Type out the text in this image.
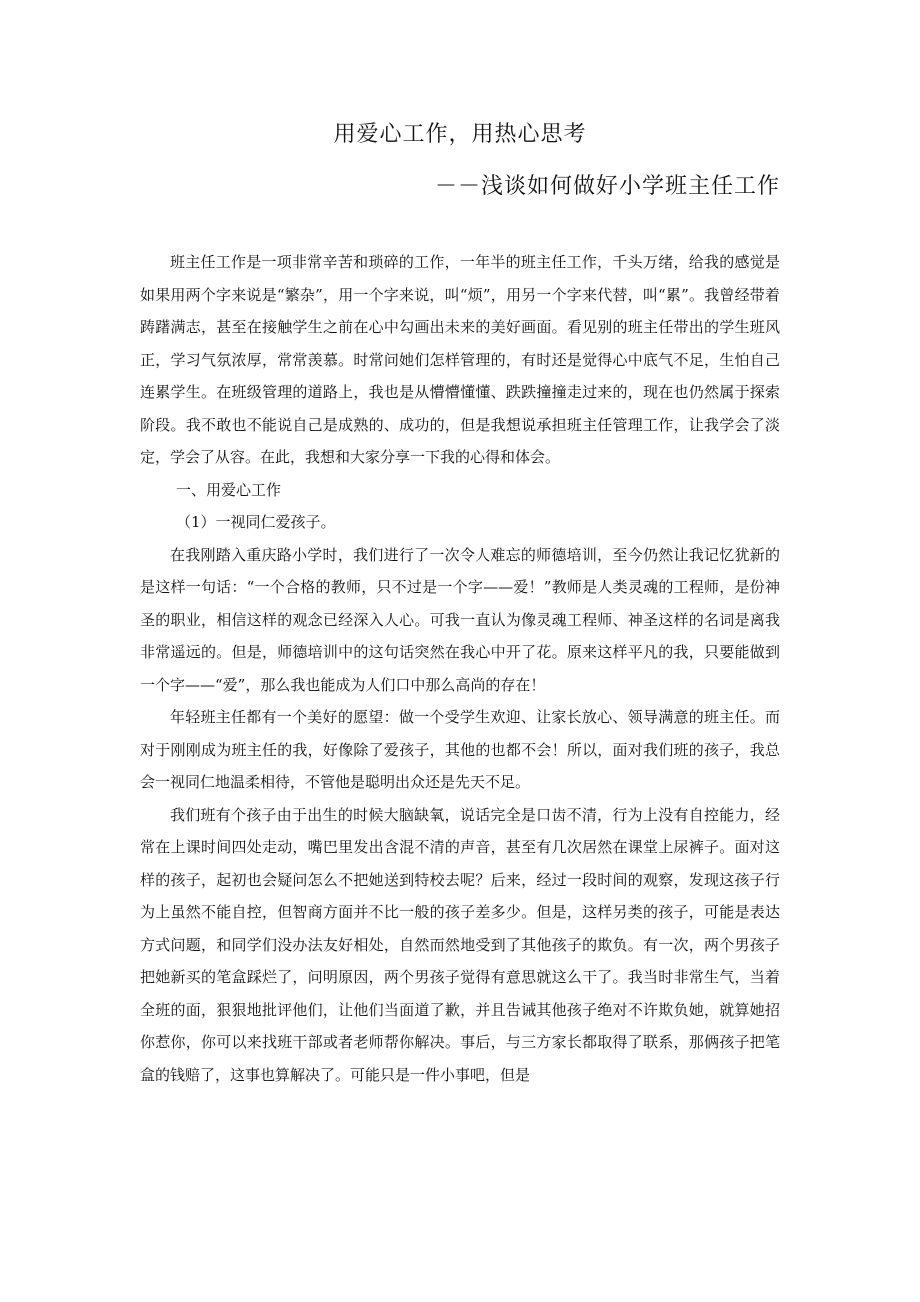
用爱心工作，用热心思考
－－浅谈如何做好小学班主任工作

班主任工作是一项非常辛苦和琐碎的工作，一年半的班主任工作，千头万绪，给我的感觉是如果用两个字来说是“繁杂”，用一个字来说，叫“烦”，用另一个字来代替，叫“累”。我曾经带着踌躇满志，甚至在接触学生之前在心中勾画出未来的美好画面。看见别的班主任带出的学生班风正，学习气氛浓厚，常常羡慕。时常问她们怎样管理的，有时还是觉得心中底气不足，生怕自己连累学生。在班级管理的道路上，我也是从懵懵懂懂、跌跌撞撞走过来的，现在也仍然属于探索阶段。我不敢也不能说自己是成熟的、成功的，但是我想说承担班主任管理工作，让我学会了淡定，学会了从容。在此，我想和大家分享一下我的心得和体会。

一、用爱心工作

（1）一视同仁爱孩子。

在我刚踏入重庆路小学时，我们进行了一次令人难忘的师德培训，至今仍然让我记忆犹新的是这样一句话：“一个合格的教师，只不过是一个字——爱！”教师是人类灵魂的工程师，是份神圣的职业，相信这样的观念已经深入人心。可我一直认为像灵魂工程师、神圣这样的名词是离我非常遥远的。但是，师德培训中的这句话突然在我心中开了花。原来这样平凡的我，只要能做到一个字——“爱”，那么我也能成为人们口中那么高尚的存在！

年轻班主任都有一个美好的愿望：做一个受学生欢迎、让家长放心、领导满意的班主任。而对于刚刚成为班主任的我，好像除了爱孩子，其他的也都不会！所以，面对我们班的孩子，我总会一视同仁地温柔相待，不管他是聪明出众还是先天不足。

我们班有个孩子由于出生的时候大脑缺氧，说话完全是口齿不清，行为上没有自控能力，经常在上课时间四处走动，嘴巴里发出含混不清的声音，甚至有几次居然在课堂上尿裤子。面对这样的孩子，起初也会疑问怎么不把她送到特校去呢？后来，经过一段时间的观察，发现这孩子行为上虽然不能自控，但智商方面并不比一般的孩子差多少。但是，这样另类的孩子，可能是表达方式问题，和同学们没办法友好相处，自然而然地受到了其他孩子的欺负。有一次，两个男孩子把她新买的笔盒踩烂了，问明原因，两个男孩子觉得有意思就这么干了。我当时非常生气，当着全班的面，狠狠地批评他们，让他们当面道了歉，并且告诫其他孩子绝对不许欺负她，就算她招你惹你，你可以来找班干部或者老师帮你解决。事后，与三方家长都取得了联系，那俩孩子把笔盒的钱赔了，这事也算解决了。可能只是一件小事吧，但是
